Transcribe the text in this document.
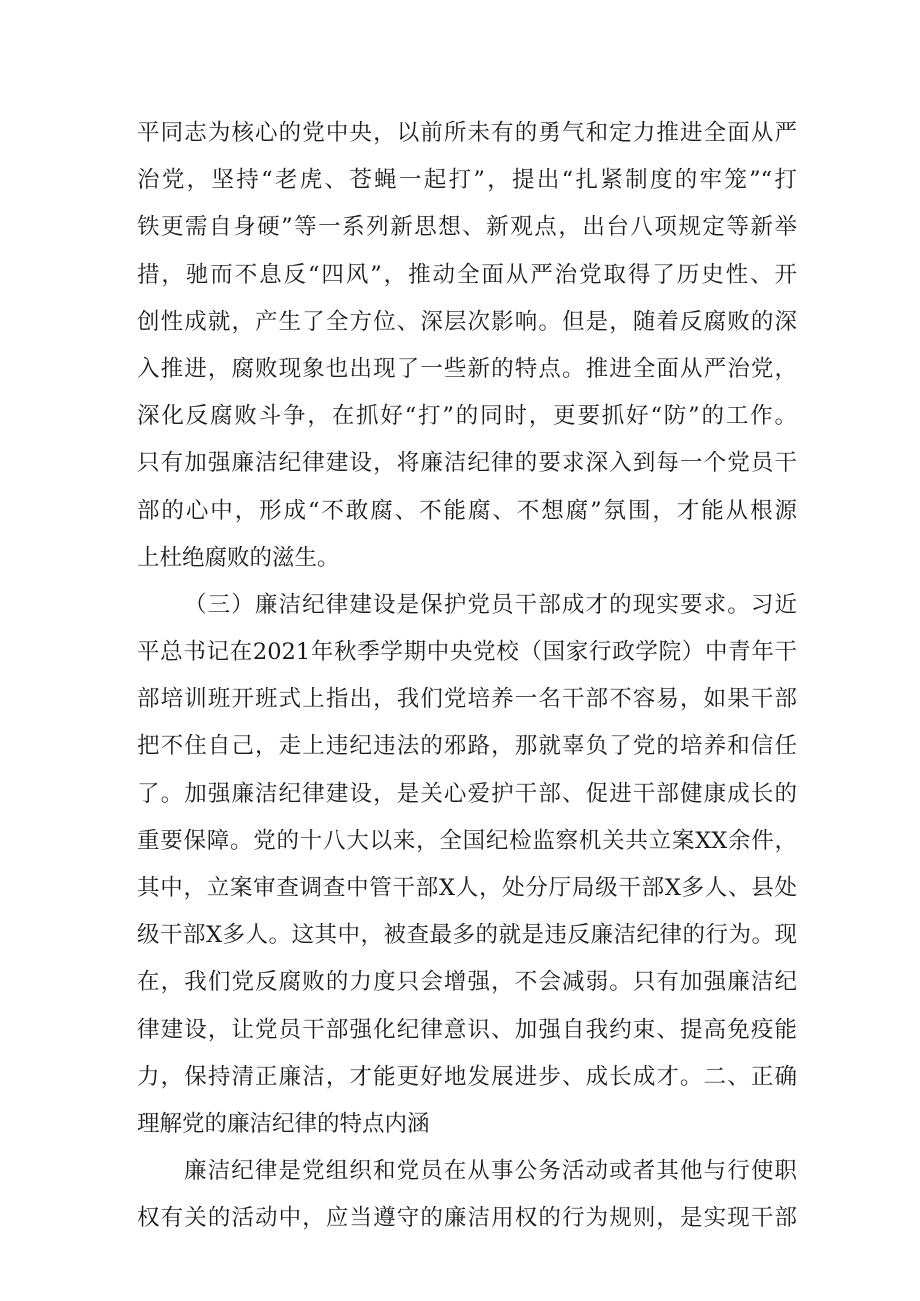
平同志为核心的党中央，以前所未有的勇气和定力推进全面从严
治党，坚持“老虎、苍蝇一起打”，提出“扎紧制度的牢笼”“打
铁更需自身硬”等一系列新思想、新观点，出台八项规定等新举
措，驰而不息反“四风”，推动全面从严治党取得了历史性、开
创性成就，产生了全方位、深层次影响。但是，随着反腐败的深
入推进，腐败现象也出现了一些新的特点。推进全面从严治党，
深化反腐败斗争，在抓好“打”的同时，更要抓好“防”的工作。
只有加强廉洁纪律建设，将廉洁纪律的要求深入到每一个党员干
部的心中，形成“不敢腐、不能腐、不想腐”氛围，才能从根源
上杜绝腐败的滋生。
（三）廉洁纪律建设是保护党员干部成才的现实要求。习近
平总书记在2021年秋季学期中央党校（国家行政学院）中青年干
部培训班开班式上指出，我们党培养一名干部不容易，如果干部
把不住自己，走上违纪违法的邪路，那就辜负了党的培养和信任
了。加强廉洁纪律建设，是关心爱护干部、促进干部健康成长的
重要保障。党的十八大以来，全国纪检监察机关共立案XX余件，
其中，立案审查调查中管干部X人，处分厅局级干部X多人、县处
级干部X多人。这其中，被查最多的就是违反廉洁纪律的行为。现
在，我们党反腐败的力度只会增强，不会减弱。只有加强廉洁纪
律建设，让党员干部强化纪律意识、加强自我约束、提高免疫能
力，保持清正廉洁，才能更好地发展进步、成长成才。二、正确
理解党的廉洁纪律的特点内涵
廉洁纪律是党组织和党员在从事公务活动或者其他与行使职
权有关的活动中，应当遵守的廉洁用权的行为规则，是实现干部
